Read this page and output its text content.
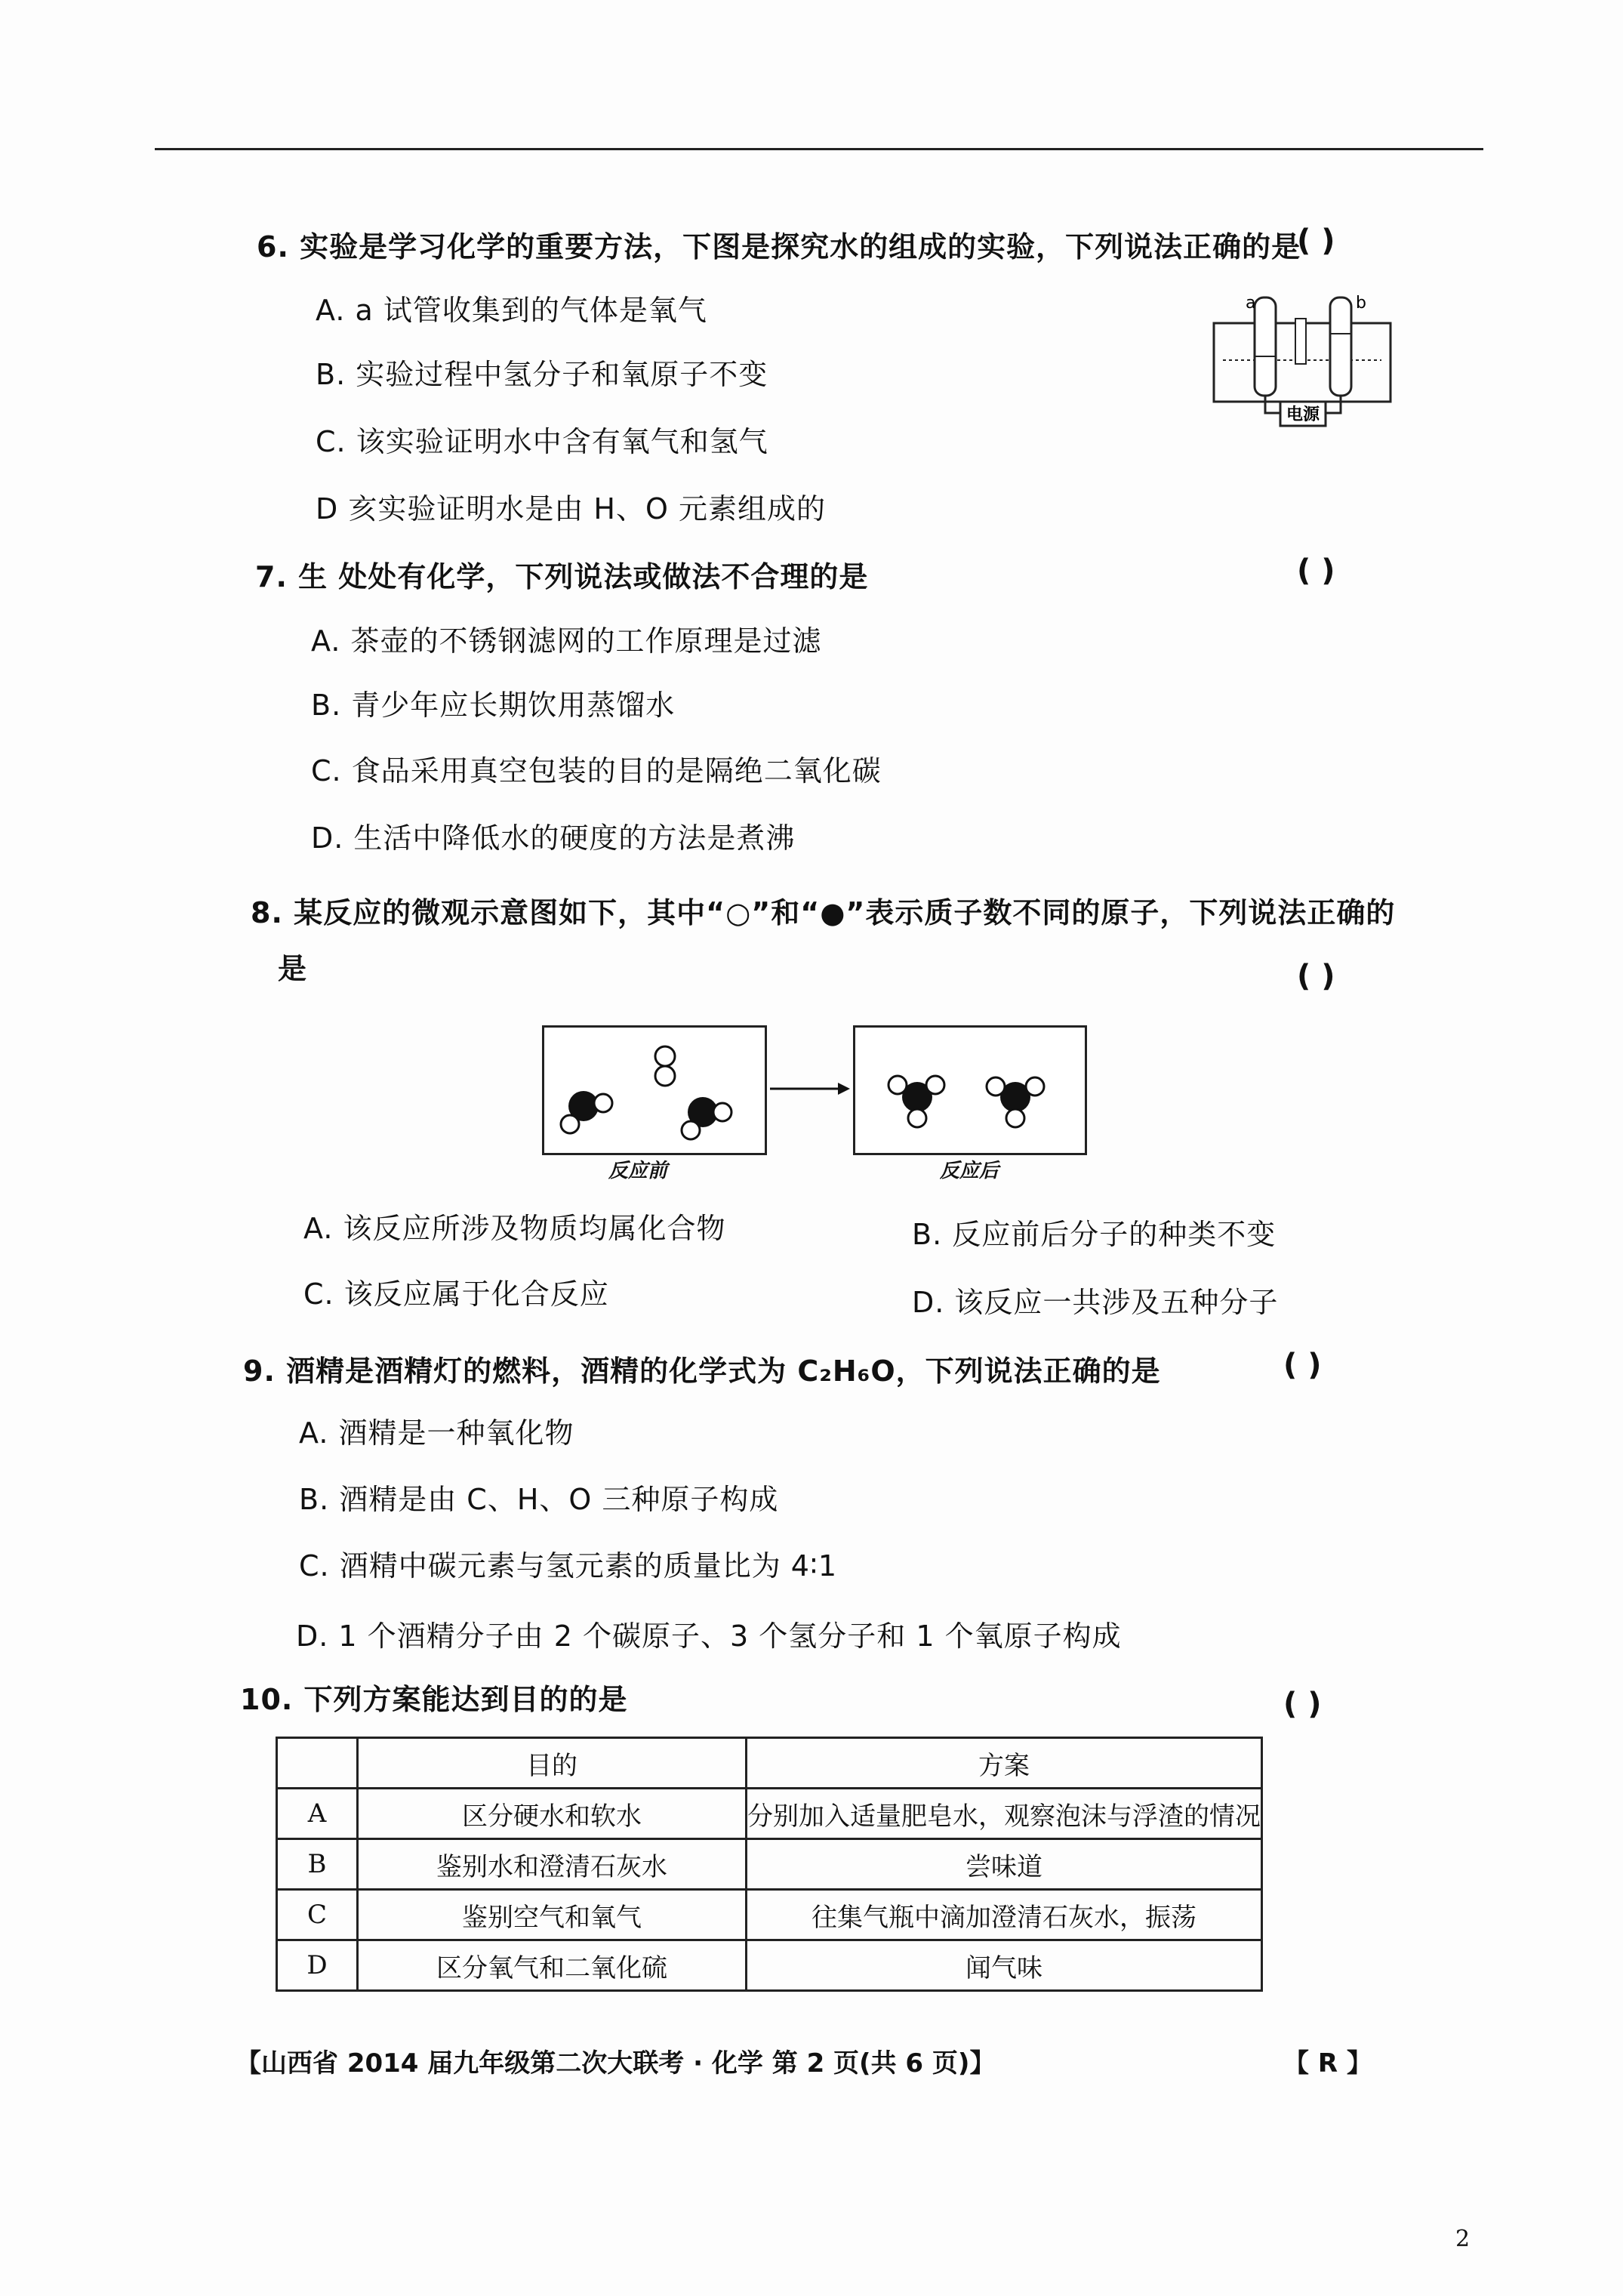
6. 实验是学习化学的重要方法，下图是探究水的组成的实验，下列说法正确的是
( )
A. a 试管收集到的气体是氧气
B. 实验过程中氢分子和氧原子不变
C. 该实验证明水中含有氧气和氢气
D 亥实验证明水是由 H、O 元素组成的
电源
a	b
7. 生 处处有化学，下列说法或做法不合理的是	( )
A. 茶壶的不锈钢滤网的工作原理是过滤
B. 青少年应长期饮用蒸馏水
C. 食品采用真空包装的目的是隔绝二氧化碳
D. 生活中降低水的硬度的方法是煮沸
8. 某反应的微观示意图如下，其中“○”和“●”表示质子数不同的原子，下列说法正确的
是	( )
反应前	反应后
A. 该反应所涉及物质均属化合物	B. 反应前后分子的种类不变
C. 该反应属于化合反应	D. 该反应一共涉及五种分子
9. 酒精是酒精灯的燃料，酒精的化学式为 C₂H₆O，下列说法正确的是	( )
A. 酒精是一种氧化物
B. 酒精是由 C、H、O 三种原子构成
C. 酒精中碳元素与氢元素的质量比为 4∶1
D. 1 个酒精分子由 2 个碳原子、3 个氢分子和 1 个氧原子构成
10. 下列方案能达到目的的是	( )
	目的	方案
A	区分硬水和软水	分别加入适量肥皂水，观察泡沫与浮渣的情况
B	鉴别水和澄清石灰水	尝味道
C	鉴别空气和氧气	往集气瓶中滴加澄清石灰水，振荡
D	区分氧气和二氧化硫	闻气味
【山西省 2014 届九年级第二次大联考 · 化学 第 2 页(共 6 页)】	【 R 】
2
